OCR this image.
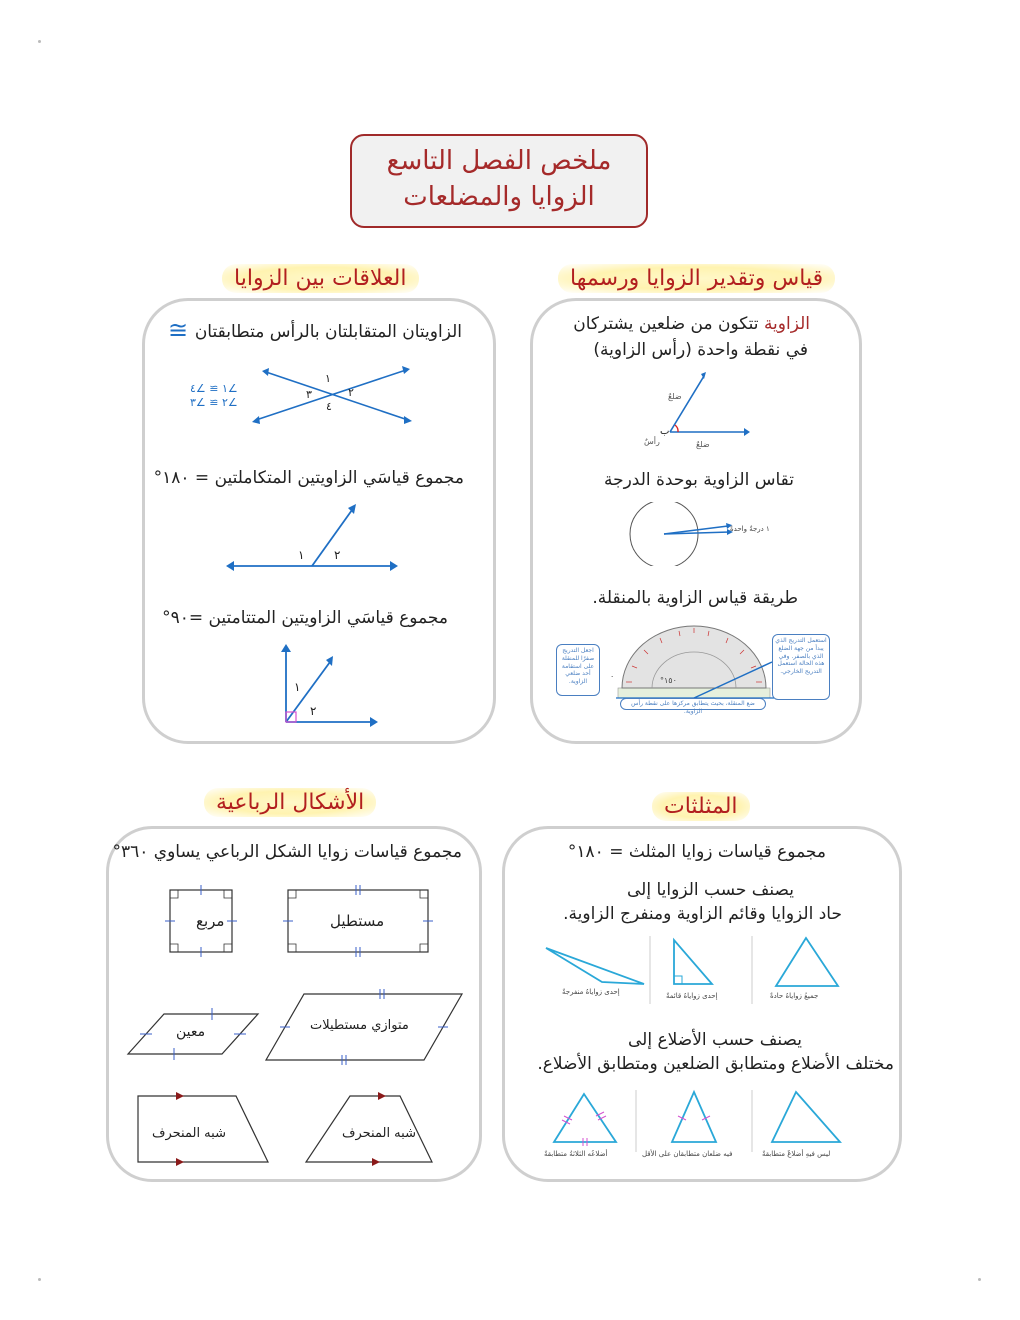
ملخص الفصل التاسع
الزوايا والمضلعات
قياس وتقدير الزوايا ورسمها
العلاقات بين الزوايا
المثلثات
الأشكال الرباعية
الزاوية تتكون من ضلعين يشتركان
في نقطة واحدة (رأس الزاوية)
ضلعٌ
ب
رأسٌ	ضلعٌ
تقاس الزاوية بوحدة الدرجة
١ درجةٌ واحدةٌ
طريقة قياس الزاوية بالمنقلة.
١٥٠°
٠
استعمل التدريج الذي يبدأ من جهة الضلع الذي بالصفر. وفي هذه الحالة استعمل التدريج الخارجي.
اجعل التدريج صفرًا للمنقلة على استقامة أحد ضلعي الزاوية.
ضع المنقلة، بحيث يتطابق مركزها على نقطة رأس الزاوية.
الزاويتان المتقابلتان بالرأس متطابقتان
≅
١
٢
٣
٤
∠١ ≅ ∠٤
∠٢ ≅ ∠٣
مجموع قياسَي الزاويتين المتكاملتين = ١٨٠°
١ ٢
مجموع قياسَي الزاويتين المتتامتين =٩٠°
١
٢
مجموع قياسات زوايا المثلث = ١٨٠°
يصنف حسب الزوايا إلى
حاد الزوايا وقائم الزاوية ومنفرج الزاوية.
جميعُ زواياهُ حادةٌ
إحدى زواياهُ قائمةٌ
إحدى زواياهُ منفرجةٌ
يصنف حسب الأضلاع إلى
مختلف الأضلاع ومتطابق الضلعين ومتطابق الأضلاع.
ليس فيهِ أضلاعٌ متطابقةٌ
فيه ضلعان متطابقان على الأقل
أضلاعُه الثلاثةُ متطابقةٌ
مجموع قياسات زوايا الشكل الرباعي يساوي ٣٦٠°
مستطيل
مربع
متوازي مستطيلات
معين
شبه المنحرف
شبه المنحرف
